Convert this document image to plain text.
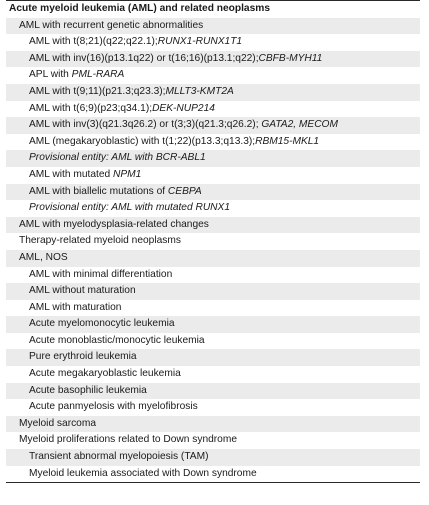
Acute myeloid leukemia (AML) and related neoplasms
AML with recurrent genetic abnormalities
AML with t(8;21)(q22;q22.1);RUNX1-RUNX1T1
AML with inv(16)(p13.1q22) or t(16;16)(p13.1;q22);CBFB-MYH11
APL with PML-RARA
AML with t(9;11)(p21.3;q23.3);MLLT3-KMT2A
AML with t(6;9)(p23;q34.1);DEK-NUP214
AML with inv(3)(q21.3q26.2) or t(3;3)(q21.3;q26.2); GATA2, MECOM
AML (megakaryoblastic) with t(1;22)(p13.3;q13.3);RBM15-MKL1
Provisional entity: AML with BCR-ABL1
AML with mutated NPM1
AML with biallelic mutations of CEBPA
Provisional entity: AML with mutated RUNX1
AML with myelodysplasia-related changes
Therapy-related myeloid neoplasms
AML, NOS
AML with minimal differentiation
AML without maturation
AML with maturation
Acute myelomonocytic leukemia
Acute monoblastic/monocytic leukemia
Pure erythroid leukemia
Acute megakaryoblastic leukemia
Acute basophilic leukemia
Acute panmyelosis with myelofibrosis
Myeloid sarcoma
Myeloid proliferations related to Down syndrome
Transient abnormal myelopoiesis (TAM)
Myeloid leukemia associated with Down syndrome
